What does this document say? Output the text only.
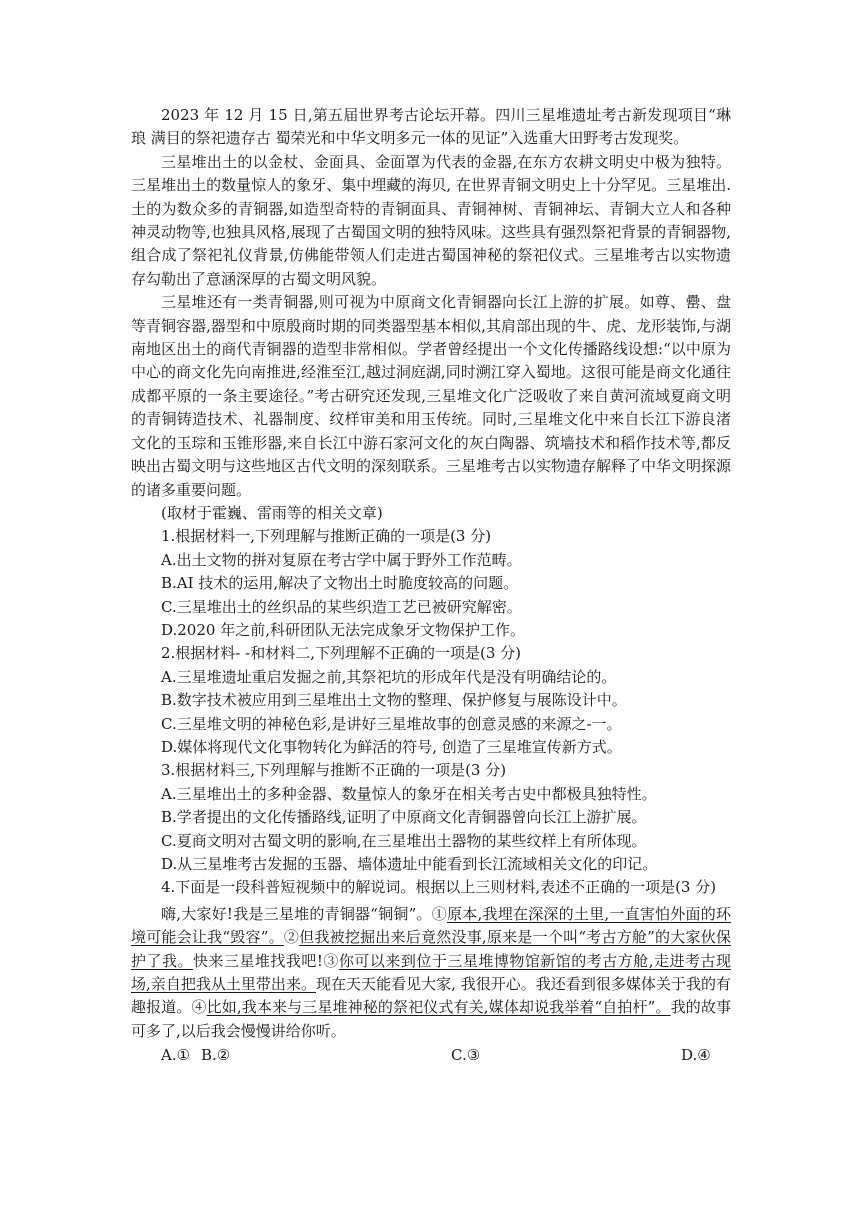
2023 年 12 月 15 日,第五届世界考古论坛开幕。四川三星堆遗址考古新发现项目“琳琅 满目的祭祀遗存古 蜀荣光和中华文明多元一体的见证”入选重大田野考古发现奖。

三星堆出土的以金杖、金面具、金面罩为代表的金器,在东方农耕文明史中极为独特。三星堆出土的数量惊人的象牙、集中埋藏的海贝, 在世界青铜文明史上十分罕见。三星堆出.土的为数众多的青铜器,如造型奇特的青铜面具、青铜神树、青铜神坛、青铜大立人和各种神灵动物等,也独具风格,展现了古蜀国文明的独特风味。这些具有强烈祭祀背景的青铜器物,组合成了祭祀礼仪背景,仿佛能带领人们走进古蜀国神秘的祭祀仪式。三星堆考古以实物遗存勾勒出了意涵深厚的古蜀文明风貌。

三星堆还有一类青铜器,则可视为中原商文化青铜器向长江上游的扩展。如尊、罍、盘等青铜容器,器型和中原殷商时期的同类器型基本相似,其肩部出现的牛、虎、龙形装饰,与湖南地区出土的商代青铜器的造型非常相似。学者曾经提出一个文化传播路线设想:“以中原为中心的商文化先向南推进,经淮至江,越过洞庭湖,同时溯江穿入蜀地。这很可能是商文化通往成都平原的一条主要途径。”考古研究还发现,三星堆文化广泛吸收了来自黄河流域夏商文明的青铜铸造技术、礼器制度、纹样审美和用玉传统。同时,三星堆文化中来自长江下游良渚文化的玉琮和玉锥形器,来自长江中游石家河文化的灰白陶器、筑墙技术和稻作技术等,都反映出古蜀文明与这些地区古代文明的深刻联系。三星堆考古以实物遗存解释了中华文明探源的诸多重要问题。

(取材于霍巍、雷雨等的相关文章)
1.根据材料一,下列理解与推断正确的一项是(3 分)
A.出土文物的拼对复原在考古学中属于野外工作范畴。
B.AI 技术的运用,解决了文物出土时脆度较高的问题。
C.三星堆出土的丝织品的某些织造工艺已被研究解密。
D.2020 年之前,科研团队无法完成象牙文物保护工作。
2.根据材料- -和材料二,下列理解不正确的一项是(3 分)
A.三星堆遗址重启发掘之前,其祭祀坑的形成年代是没有明确结论的。
B.数字技术被应用到三星堆出土文物的整理、保护修复与展陈设计中。
C.三星堆文明的神秘色彩,是讲好三星堆故事的创意灵感的来源之-一。
D.媒体将现代文化事物转化为鲜活的符号, 创造了三星堆宣传新方式。
3.根据材料三,下列理解与推断不正确的一项是(3 分)
A.三星堆出土的多种金器、数量惊人的象牙在相关考古史中都极具独特性。
B.学者提出的文化传播路线,证明了中原商文化青铜器曾向长江上游扩展。
C.夏商文明对古蜀文明的影响,在三星堆出土器物的某些纹样上有所体现。
D.从三星堆考古发掘的玉器、墙体遗址中能看到长江流域相关文化的印记。

4.下面是一段科普短视频中的解说词。根据以上三则材料,表述不正确的一项是(3 分)

嗨,大家好!我是三星堆的青铜器“铜铜”。①原本,我埋在深深的土里,一直害怕外面的环境可能会让我“毁容”。②但我被挖掘出来后竟然没事,原来是一个叫“考古方舱”的大家伙保护了我。快来三星堆找我吧!③你可以来到位于三星堆博物馆新馆的考古方舱,走进考古现场,亲自把我从土里带出来。现在天天能看见大家, 我很开心。我还看到很多媒体关于我的有趣报道。④比如,我本来与三星堆神秘的祭祀仪式有关,媒体却说我举着“自拍杆”。我的故事可多了,以后我会慢慢讲给你听。

A.① B.②	C.③	D.④
